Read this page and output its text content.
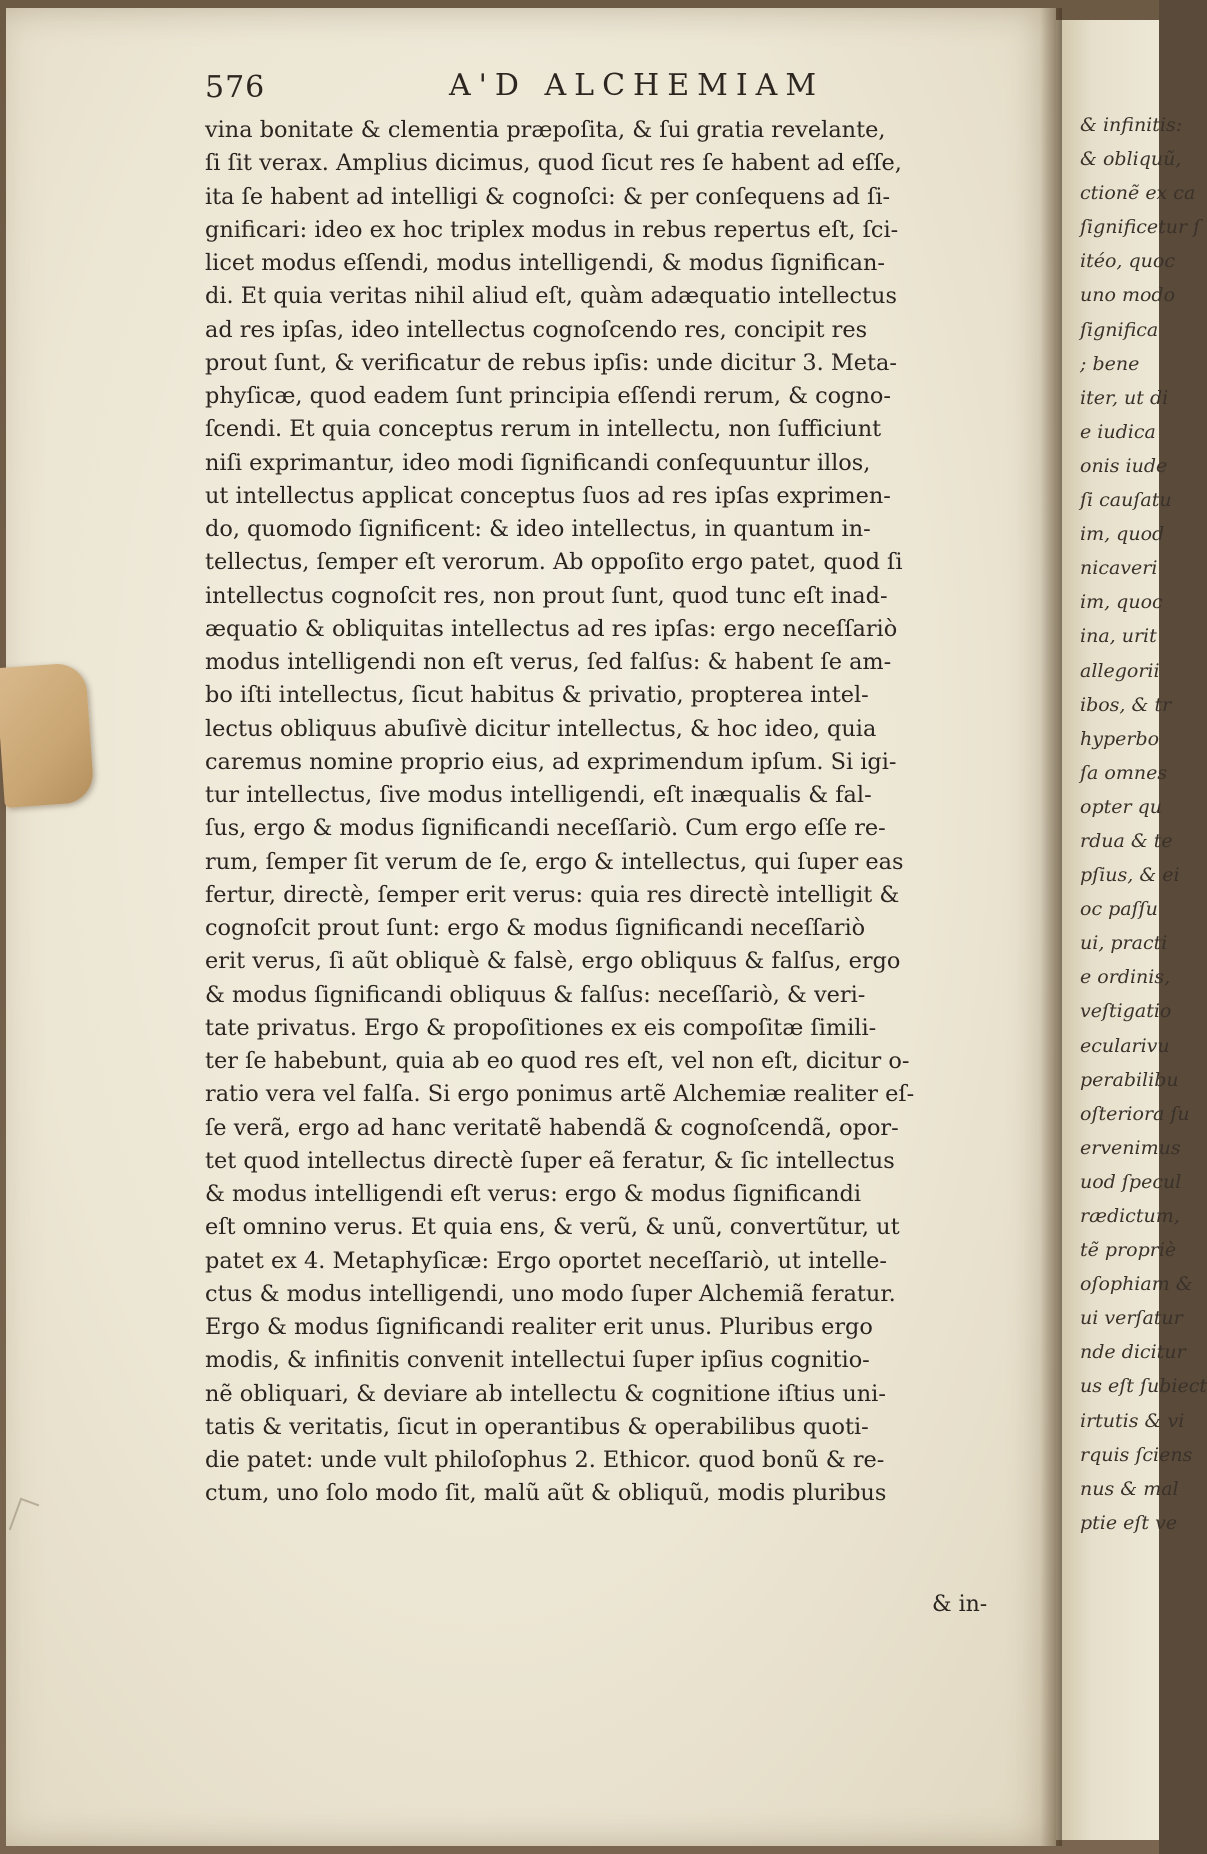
576	A'D ALCHEMIAM
vina bonitate & clementia præpoſita, & ſui gratia revelante,
ſi ſit verax. Amplius dicimus, quod ſicut res ſe habent ad eſſe,
ita ſe habent ad intelligi & cognoſci: & per conſequens ad ſi-
gnificari: ideo ex hoc triplex modus in rebus repertus eſt, ſci-
licet modus eſſendi, modus intelligendi, & modus ſignifican-
di. Et quia veritas nihil aliud eſt, quàm adæquatio intellectus
ad res ipſas, ideo intellectus cognoſcendo res, concipit res
prout ſunt, & verificatur de rebus ipſis: unde dicitur 3. Meta-
phyſicæ, quod eadem ſunt principia eſſendi rerum, & cogno-
ſcendi. Et quia conceptus rerum in intellectu, non ſufficiunt
niſi exprimantur, ideo modi ſignificandi conſequuntur illos,
ut intellectus applicat conceptus ſuos ad res ipſas exprimen-
do, quomodo ſignificent: & ideo intellectus, in quantum in-
tellectus, ſemper eſt verorum. Ab oppoſito ergo patet, quod ſi
intellectus cognoſcit res, non prout ſunt, quod tunc eſt inad-
æquatio & obliquitas intellectus ad res ipſas: ergo neceſſariò
modus intelligendi non eſt verus, ſed falſus: & habent ſe am-
bo iſti intellectus, ſicut habitus & privatio, propterea intel-
lectus obliquus abuſivè dicitur intellectus, & hoc ideo, quia
caremus nomine proprio eius, ad exprimendum ipſum. Si igi-
tur intellectus, ſive modus intelligendi, eſt inæqualis & fal-
ſus, ergo & modus ſignificandi neceſſariò. Cum ergo eſſe re-
rum, ſemper ſit verum de ſe, ergo & intellectus, qui ſuper eas
fertur, directè, ſemper erit verus: quia res directè intelligit &
cognoſcit prout ſunt: ergo & modus ſignificandi neceſſariò
erit verus, ſi aũt obliquè & falsè, ergo obliquus & falſus, ergo
& modus ſignificandi obliquus & falſus: neceſſariò, & veri-
tate privatus. Ergo & propoſitiones ex eis compoſitæ ſimili-
ter ſe habebunt, quia ab eo quod res eſt, vel non eſt, dicitur o-
ratio vera vel falſa. Si ergo ponimus artẽ Alchemiæ realiter eſ-
ſe verã, ergo ad hanc veritatẽ habendã & cognoſcendã, opor-
tet quod intellectus directè ſuper eã feratur, & ſic intellectus
& modus intelligendi eſt verus: ergo & modus ſignificandi
eſt omnino verus. Et quia ens, & verũ, & unũ, convertũtur, ut
patet ex 4. Metaphyſicæ: Ergo oportet neceſſariò, ut intelle-
ctus & modus intelligendi, uno modo ſuper Alchemiã feratur.
Ergo & modus ſignificandi realiter erit unus. Pluribus ergo
modis, & infinitis convenit intellectui ſuper ipſius cognitio-
nẽ obliquari, & deviare ab intellectu & cognitione iſtius uni-
tatis & veritatis, ſicut in operantibus & operabilibus quoti-
die patet: unde vult philoſophus 2. Ethicor. quod bonũ & re-
ctum, uno ſolo modo ſit, malũ aũt & obliquũ, modis pluribus
& in-
& infinitis:
& obliquũ,
ctionẽ ex ca
ſignificetur ſ
itéo, quoc
uno modo
ſignifica
; bene
iter, ut di
e iudica
onis iude
ſi cauſatu
im, quod
nicaveri
im, quoc
ina, urit
allegorii
ibos, & tr
hyperbo
ſa omnes
opter qu
rdua & te
pſius, & ei
oc paſſu
ui, practi
e ordinis,
veſtigatio
ecularivu
perabilibu
oſteriora ſu
ervenimus
uod ſpecul
rædictum,
tẽ propriè
oſophiam &
ui verſatur
nde dicitur
us eſt ſubiect
irtutis & vi
rquis ſciens
nus & mal
ptie eſt ve
